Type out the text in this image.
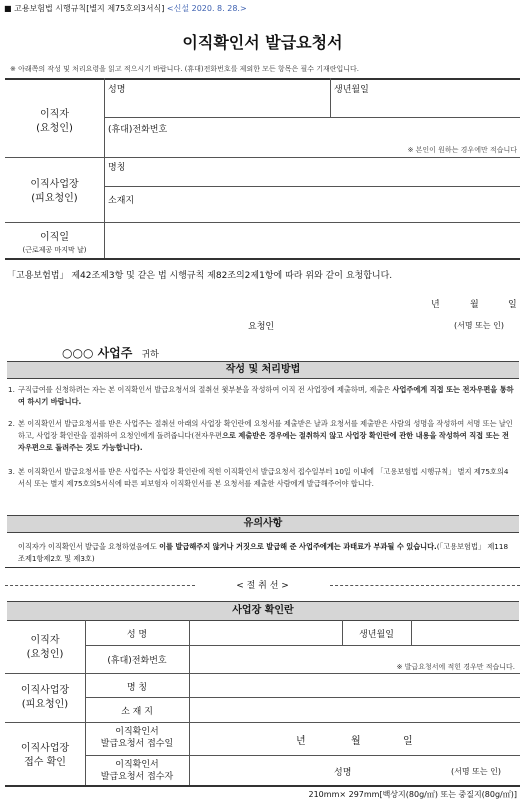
■ 고용보험법 시행규칙[별지 제75호의3서식] <신설 2020. 8. 28.>
이직확인서 발급요청서
※ 아래쪽의 작성 및 처리요령을 읽고 적으시기 바랍니다. (휴대)전화번호를 제외한 모든 항목은 필수 기재란입니다.
이직자
(요청인)
성명	생년월일
(휴대)전화번호
※ 본인이 원하는 경우에만 적습니다
이직사업장
(피요청인)
명칭
소재지
이직일
(근로제공 마지막 날)
「고용보험법」 제42조제3항 및 같은 법 시행규칙 제82조의2제1항에 따라 위와 같이 요청합니다.
년	월	일
요청인	(서명 또는 인)
○○○ 사업주 귀하
작성 및 처리방법
1. 구직급여를 신청하려는 자는 본 이직확인서 발급요청서의 절취선 윗부분을 작성하여 이직 전 사업장에 제출하며, 제출은 사업주에게 직접 또는 전자우편을 통하여 하시기 바랍니다.
2. 본 이직확인서 발급요청서를 받은 사업주는 절취선 아래의 사업장 확인란에 요청서를 제출받은 날과 요청서를 제출받은 사람의 성명을 작성하여 서명 또는 날인하고, 사업장 확인란을 절취하여 요청인에게 돌려줍니다(전자우편으로 제출받은 경우에는 절취하지 않고 사업장 확인란에 관한 내용을 작성하여 직접 또는 전자우편으로 돌려주는 것도 가능합니다).
3. 본 이직확인서 발급요청서를 받은 사업주는 사업장 확인란에 적힌 이직확인서 발급요청서 접수일부터 10일 이내에 「고용보험법 시행규칙」 별지 제75호의4서식 또는 별지 제75호의5서식에 따른 피보험자 이직확인서를 본 요청서를 제출한 사람에게 발급해주어야 합니다.
유의사항
이직자가 이직확인서 발급을 요청하였음에도 이를 발급해주지 않거나 거짓으로 발급해 준 사업주에게는 과태료가 부과될 수 있습니다.(「고용보험법」 제118조제1항제2호 및 제3호)
< 절 취 선 >
사업장 확인란
이직자
(요청인)
성 명	생년월일
(휴대)전화번호
※ 발급요청서에 적힌 경우만 적습니다.
이직사업장
(피요청인)
명 칭
소 재 지
이직사업장
접수 확인
이직확인서
발급요청서 접수일	년	월	일
이직확인서
발급요청서 접수자	성명	(서명 또는 인)
210mm× 297mm[백상지(80g/㎡) 또는 중질지(80g/㎡)]
